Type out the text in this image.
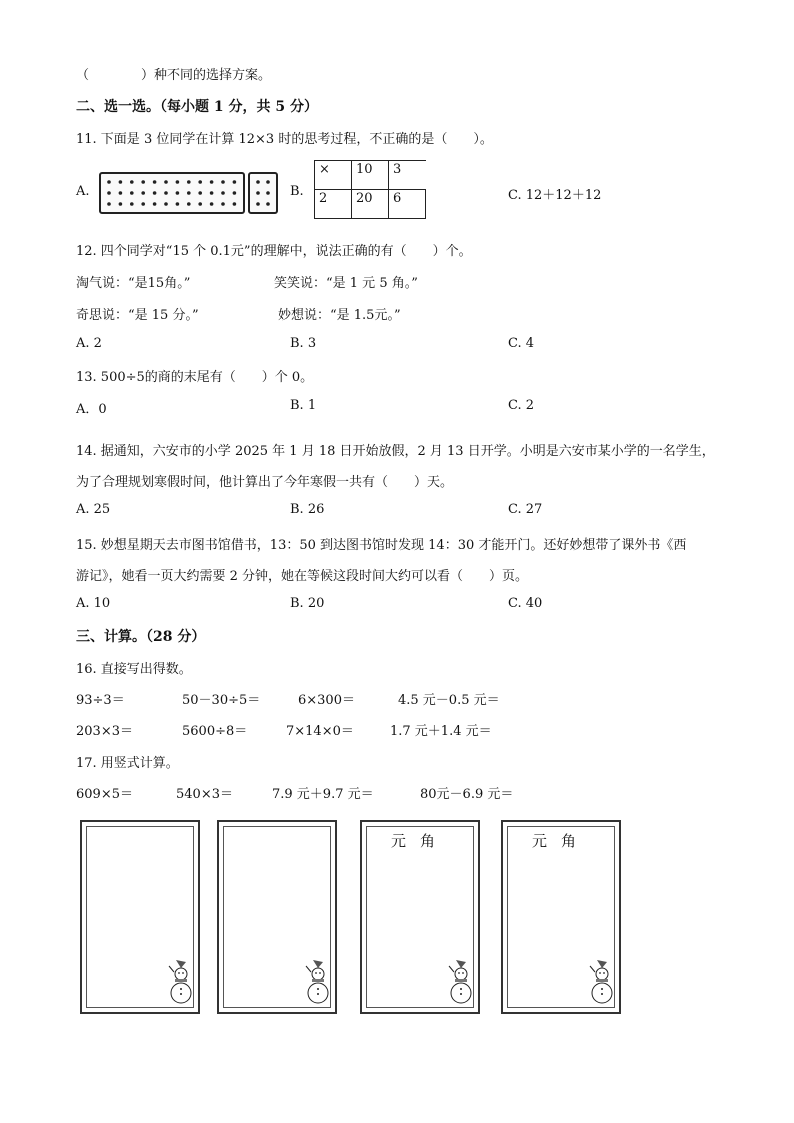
（　　　　）种不同的选择方案。
二、选一选。（每小题 1 分，共 5 分）
11. 下面是 3 位同学在计算 12×3 时的思考过程，不正确的是（　　）。
A.	B.
×	10	3
2	20	6	C. 12＋12＋12
12. 四个同学对“15 个 0.1元”的理解中，说法正确的有（　　）个。
淘气说：“是15角。”	笑笑说：“是 1 元 5 角。”
奇思说：“是 15 分。”	妙想说：“是 1.5元。”
A. 2	B. 3	C. 4
13. 500÷5的商的末尾有（　　）个 0。
A．0	B. 1	C. 2
14. 据通知，六安市的小学 2025 年 1 月 18 日开始放假，2 月 13 日开学。小明是六安市某小学的一名学生，
为了合理规划寒假时间，他计算出了今年寒假一共有（　　）天。
A. 25	B. 26	C. 27
15. 妙想星期天去市图书馆借书，13：50 到达图书馆时发现 14：30 才能开门。还好妙想带了课外书《西
游记》，她看一页大约需要 2 分钟，她在等候这段时间大约可以看（　　）页。
A. 10	B. 20	C. 40
三、计算。（28 分）
16. 直接写出得数。
93÷3＝	50－30÷5＝	6×300＝	4.5 元－0.5 元＝
203×3＝	5600÷8＝	7×14×0＝	1.7 元＋1.4 元＝
17. 用竖式计算。
609×5＝	540×3＝	7.9 元＋9.7 元＝	80元－6.9 元＝
元角	元角
